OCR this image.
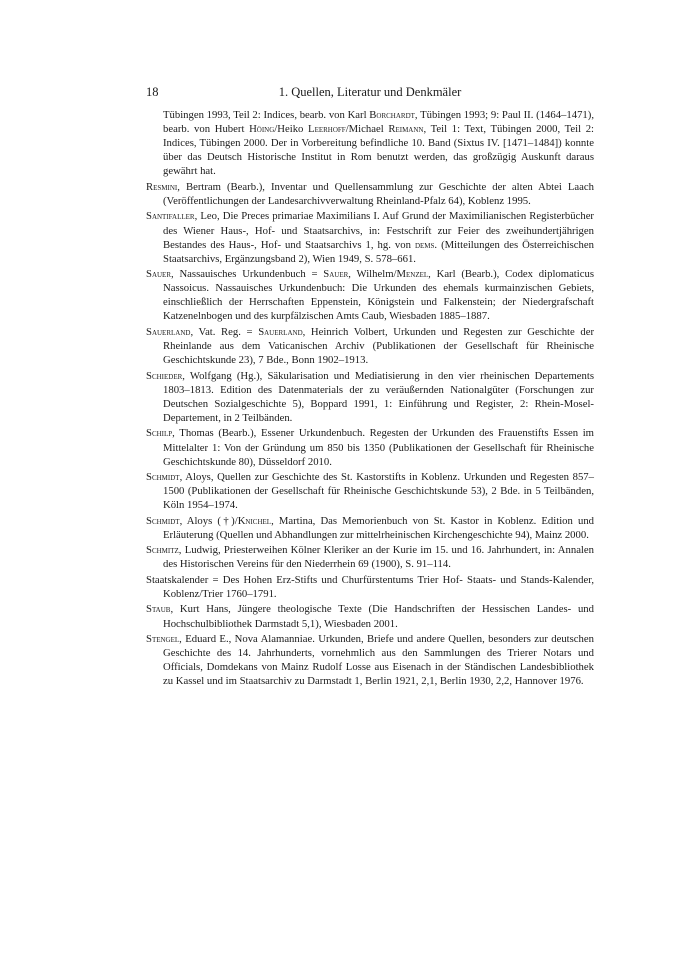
18	1. Quellen, Literatur und Denkmäler

Tübingen 1993, Teil 2: Indices, bearb. von Karl Borchardt, Tübingen 1993; 9: Paul II. (1464–1471), bearb. von Hubert Höing/Heiko Leerhoff/Michael Reimann, Teil 1: Text, Tübingen 2000, Teil 2: Indices, Tübingen 2000. Der in Vorbereitung befindliche 10. Band (Sixtus IV. [1471–1484]) konnte über das Deutsch Historische Institut in Rom benutzt werden, das großzügig Auskunft daraus gewährt hat.

Resmini, Bertram (Bearb.), Inventar und Quellensammlung zur Geschichte der alten Abtei Laach (Veröffentlichungen der Landesarchivverwaltung Rheinland-Pfalz 64), Koblenz 1995.

Santifaller, Leo, Die Preces primariae Maximilians I. Auf Grund der Maximilianischen Registerbücher des Wiener Haus-, Hof- und Staatsarchivs, in: Festschrift zur Feier des zweihundertjährigen Bestandes des Haus-, Hof- und Staatsarchivs 1, hg. von dems. (Mitteilungen des Österreichischen Staatsarchivs, Ergänzungsband 2), Wien 1949, S. 578–661.

Sauer, Nassauisches Urkundenbuch = Sauer, Wilhelm/Menzel, Karl (Bearb.), Codex diplomaticus Nassoicus. Nassauisches Urkundenbuch: Die Urkunden des ehemals kurmainzischen Gebiets, einschließlich der Herrschaften Eppenstein, Königstein und Falkenstein; der Niedergrafschaft Katzenelnbogen und des kurpfälzischen Amts Caub, Wiesbaden 1885–1887.

Sauerland, Vat. Reg. = Sauerland, Heinrich Volbert, Urkunden und Regesten zur Geschichte der Rheinlande aus dem Vaticanischen Archiv (Publikationen der Gesellschaft für Rheinische Geschichtskunde 23), 7 Bde., Bonn 1902–1913.

Schieder, Wolfgang (Hg.), Säkularisation und Mediatisierung in den vier rheinischen Departements 1803–1813. Edition des Datenmaterials der zu veräußernden Nationalgüter (Forschungen zur Deutschen Sozialgeschichte 5), Boppard 1991, 1: Einführung und Register, 2: Rhein-Mosel-Departement, in 2 Teilbänden.

Schilp, Thomas (Bearb.), Essener Urkundenbuch. Regesten der Urkunden des Frauenstifts Essen im Mittelalter 1: Von der Gründung um 850 bis 1350 (Publikationen der Gesellschaft für Rheinische Geschichtskunde 80), Düsseldorf 2010.

Schmidt, Aloys, Quellen zur Geschichte des St. Kastorstifts in Koblenz. Urkunden und Regesten 857–1500 (Publikationen der Gesellschaft für Rheinische Geschichtskunde 53), 2 Bde. in 5 Teilbänden, Köln 1954–1974.

Schmidt, Aloys (†)/Knichel, Martina, Das Memorienbuch von St. Kastor in Koblenz. Edition und Erläuterung (Quellen und Abhandlungen zur mittelrheinischen Kirchengeschichte 94), Mainz 2000.

Schmitz, Ludwig, Priesterweihen Kölner Kleriker an der Kurie im 15. und 16. Jahrhundert, in: Annalen des Historischen Vereins für den Niederrhein 69 (1900), S. 91–114.

Staatskalender = Des Hohen Erz-Stifts und Churfürstentums Trier Hof- Staats- und Stands-Kalender, Koblenz/Trier 1760–1791.

Staub, Kurt Hans, Jüngere theologische Texte (Die Handschriften der Hessischen Landes- und Hochschulbibliothek Darmstadt 5,1), Wiesbaden 2001.

Stengel, Eduard E., Nova Alamanniae. Urkunden, Briefe und andere Quellen, besonders zur deutschen Geschichte des 14. Jahrhunderts, vornehmlich aus den Sammlungen des Trierer Notars und Officials, Domdekans von Mainz Rudolf Losse aus Eisenach in der Ständischen Landesbibliothek zu Kassel und im Staatsarchiv zu Darmstadt 1, Berlin 1921, 2,1, Berlin 1930, 2,2, Hannover 1976.
